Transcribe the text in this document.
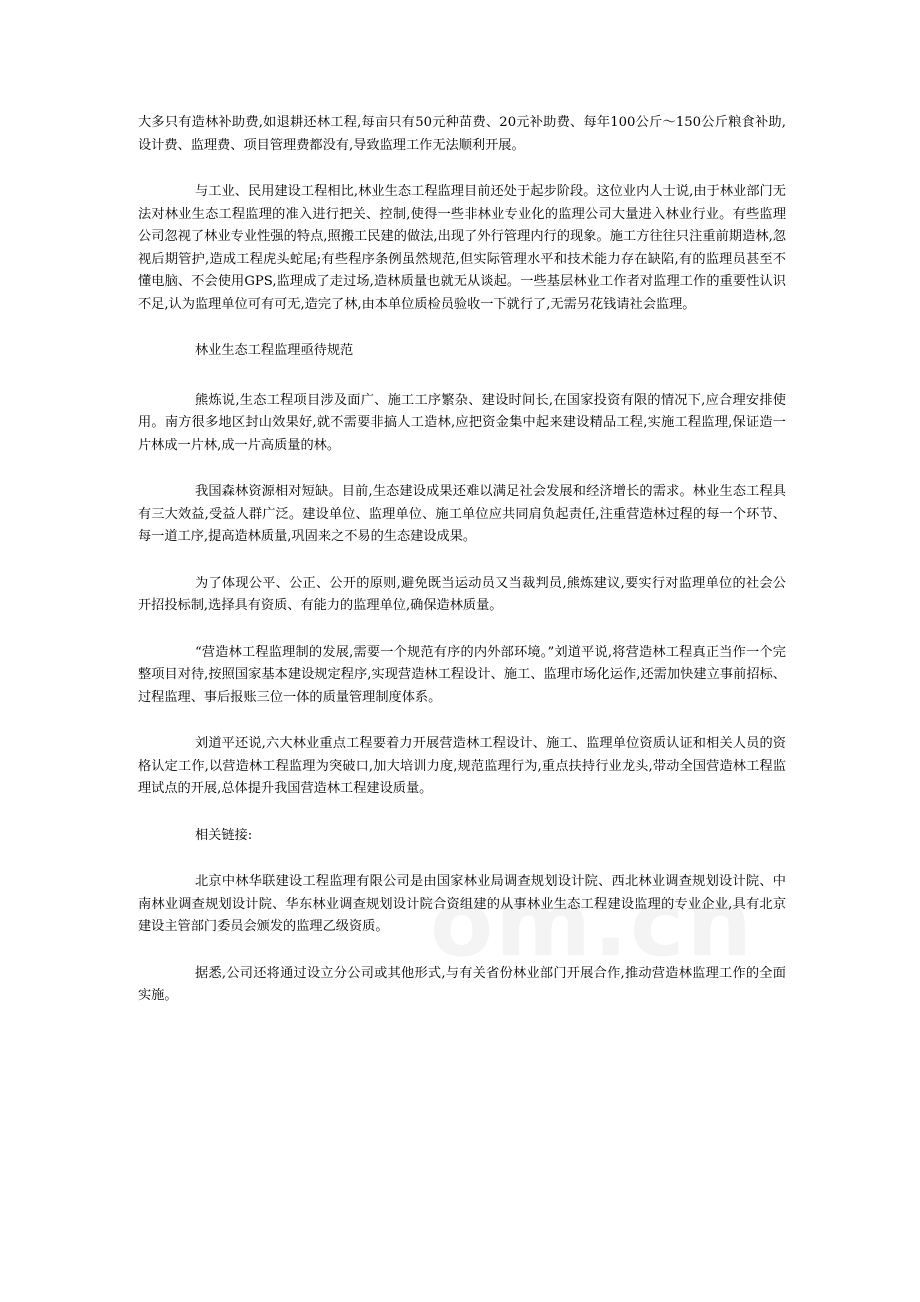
大多只有造林补助费,如退耕还林工程,每亩只有50元种苗费、20元补助费、每年100公斤～150公斤粮食补助,设计费、监理费、项目管理费都没有,导致监理工作无法顺利开展。

与工业、民用建设工程相比,林业生态工程监理目前还处于起步阶段。这位业内人士说,由于林业部门无法对林业生态工程监理的准入进行把关、控制,使得一些非林业专业化的监理公司大量进入林业行业。有些监理公司忽视了林业专业性强的特点,照搬工民建的做法,出现了外行管理内行的现象。施工方往往只注重前期造林,忽视后期管护,造成工程虎头蛇尾;有些程序条例虽然规范,但实际管理水平和技术能力存在缺陷,有的监理员甚至不懂电脑、不会使用GPS,监理成了走过场,造林质量也就无从谈起。一些基层林业工作者对监理工作的重要性认识不足,认为监理单位可有可无,造完了林,由本单位质检员验收一下就行了,无需另花钱请社会监理。

林业生态工程监理亟待规范

熊炼说,生态工程项目涉及面广、施工工序繁杂、建设时间长,在国家投资有限的情况下,应合理安排使用。南方很多地区封山效果好,就不需要非搞人工造林,应把资金集中起来建设精品工程,实施工程监理,保证造一片林成一片林,成一片高质量的林。

我国森林资源相对短缺。目前,生态建设成果还难以满足社会发展和经济增长的需求。林业生态工程具有三大效益,受益人群广泛。建设单位、监理单位、施工单位应共同肩负起责任,注重营造林过程的每一个环节、每一道工序,提高造林质量,巩固来之不易的生态建设成果。

为了体现公平、公正、公开的原则,避免既当运动员又当裁判员,熊炼建议,要实行对监理单位的社会公开招投标制,选择具有资质、有能力的监理单位,确保造林质量。

“营造林工程监理制的发展,需要一个规范有序的内外部环境。”刘道平说,将营造林工程真正当作一个完整项目对待,按照国家基本建设规定程序,实现营造林工程设计、施工、监理市场化运作,还需加快建立事前招标、过程监理、事后报账三位一体的质量管理制度体系。

刘道平还说,六大林业重点工程要着力开展营造林工程设计、施工、监理单位资质认证和相关人员的资格认定工作,以营造林工程监理为突破口,加大培训力度,规范监理行为,重点扶持行业龙头,带动全国营造林工程监理试点的开展,总体提升我国营造林工程建设质量。

相关链接:

北京中林华联建设工程监理有限公司是由国家林业局调查规划设计院、西北林业调查规划设计院、中南林业调查规划设计院、华东林业调查规划设计院合资组建的从事林业生态工程建设监理的专业企业,具有北京建设主管部门委员会颁发的监理乙级资质。

据悉,公司还将通过设立分公司或其他形式,与有关省份林业部门开展合作,推动营造林监理工作的全面实施。
